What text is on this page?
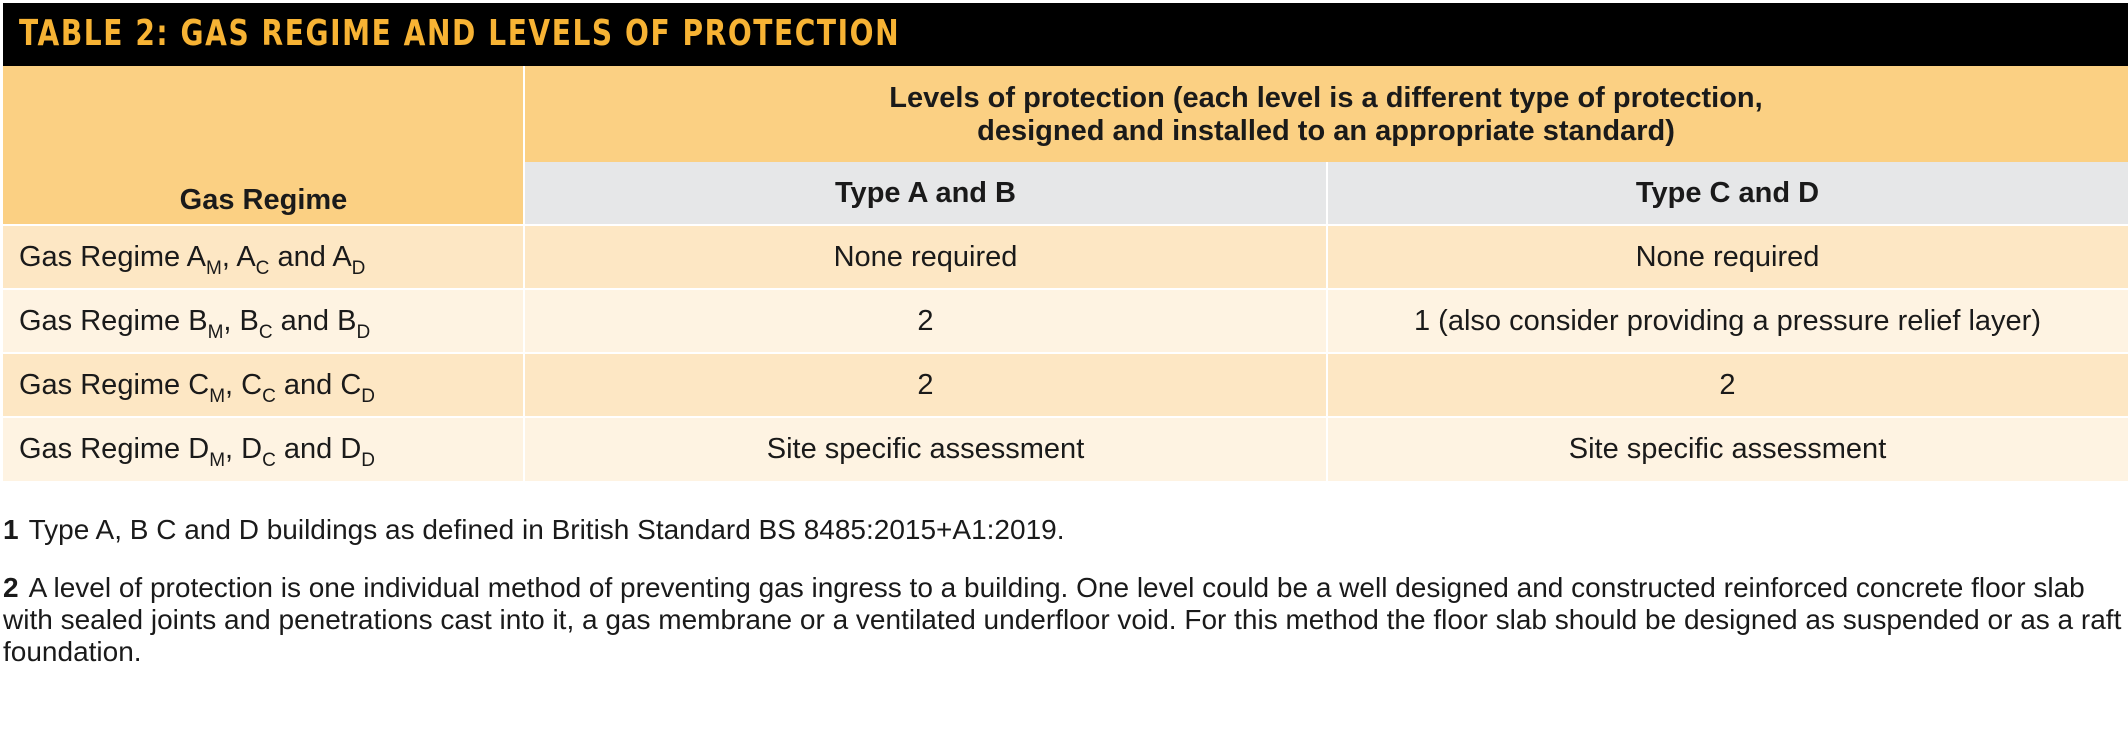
TABLE 2: GAS REGIME AND LEVELS OF PROTECTION
Gas Regime
Levels of protection (each level is a different type of protection,
designed and installed to an appropriate standard)
Type A and B	Type C and D
Gas Regime $A_M$, $A_C$ and $A_D$	None required	None required
Gas Regime $B_M$, $B_C$ and $B_D$	2	1 (also consider providing a pressure relief layer)
Gas Regime $C_M$, $C_C$ and $C_D$	2	2
Gas Regime $D_M$, $D_C$ and $D_D$	Site specific assessment	Site specific assessment
1 Type A, B C and D buildings as defined in British Standard BS 8485:2015+A1:2019.
2 A level of protection is one individual method of preventing gas ingress to a building. One level could be a well designed and constructed reinforced concrete floor slab with sealed joints and penetrations cast into it, a gas membrane or a ventilated underfloor void. For this method the floor slab should be designed as suspended or as a raft foundation.
